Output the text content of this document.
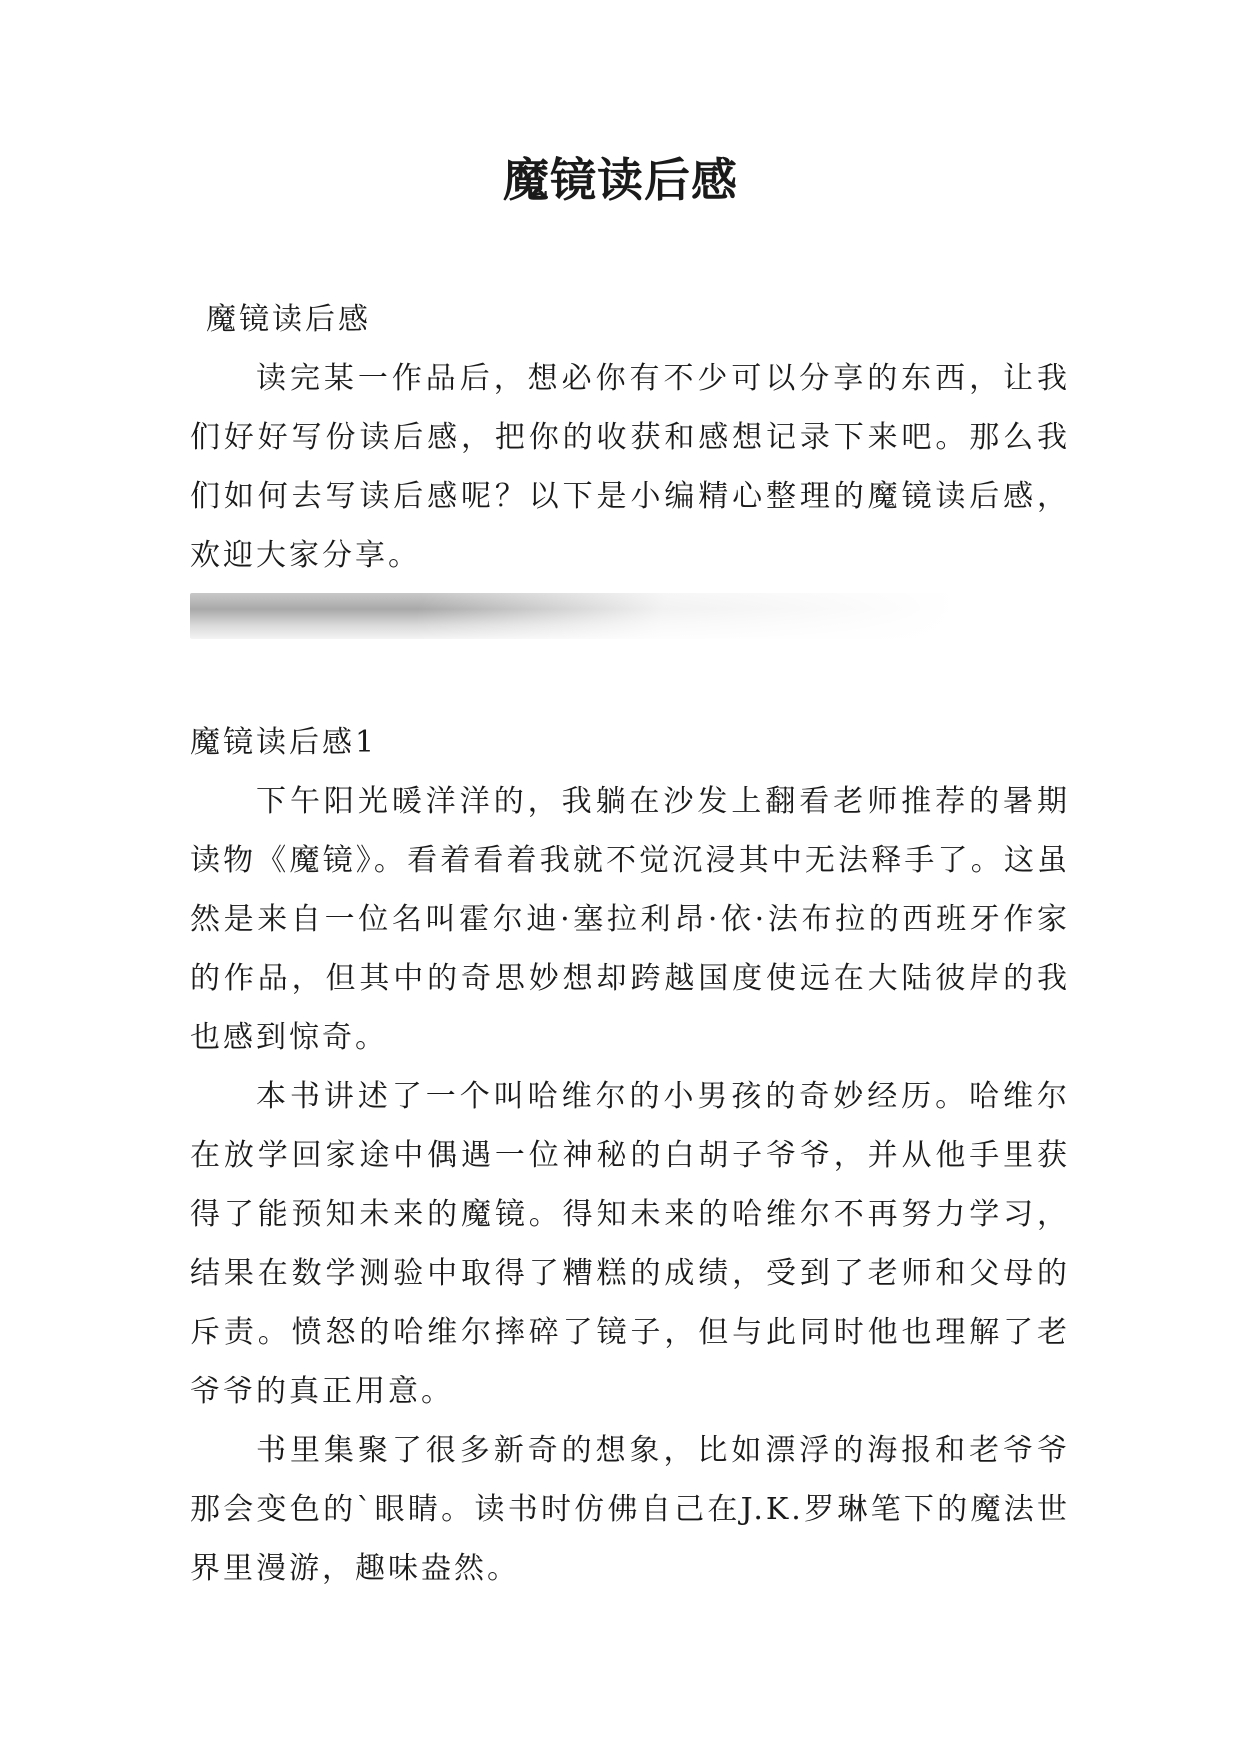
魔镜读后感

魔镜读后感

读完某一作品后，想必你有不少可以分享的东西，让我们好好写份读后感，把你的收获和感想记录下来吧。那么我们如何去写读后感呢？以下是小编精心整理的魔镜读后感，欢迎大家分享。

魔镜读后感1

下午阳光暖洋洋的，我躺在沙发上翻看老师推荐的暑期读物《魔镜》。看着看着我就不觉沉浸其中无法释手了。这虽然是来自一位名叫霍尔迪·塞拉利昂·依·法布拉的西班牙作家的作品，但其中的奇思妙想却跨越国度使远在大陆彼岸的我也感到惊奇。

本书讲述了一个叫哈维尔的小男孩的奇妙经历。哈维尔在放学回家途中偶遇一位神秘的白胡子爷爷，并从他手里获得了能预知未来的魔镜。得知未来的哈维尔不再努力学习，结果在数学测验中取得了糟糕的成绩，受到了老师和父母的斥责。愤怒的哈维尔摔碎了镜子，但与此同时他也理解了老爷爷的真正用意。

书里集聚了很多新奇的想象，比如漂浮的海报和老爷爷那会变色的`眼睛。读书时仿佛自己在J.K.罗琳笔下的魔法世界里漫游，趣味盎然。
